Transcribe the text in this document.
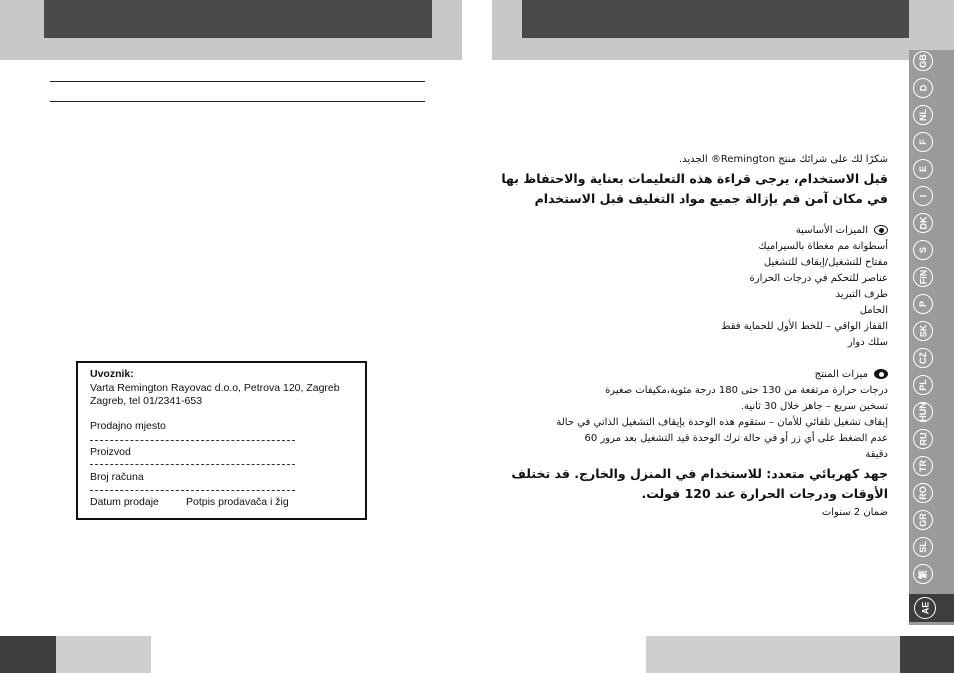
Uvoznik:
Varta Remington Rayovac d.o.o, Petrova 120, Zagreb
Zagreb, tel 01/2341-653
Prodajno mjesto
Proizvod
Broj računa
Datum prodaje	Potpis prodavača i žig
شكرًا لك على شرائك منتج Remington® الجديد.
قبل الاستخدام، يرجى قراءة هذه التعليمات بعناية والاحتفاظ بها
في مكان آمن قم بإزالة جميع مواد التغليف قبل الاستخدام
الميزات الأساسية
أسطوانة مم مغطاة بالسيراميك
مفتاح للتشغيل/إيقاف للتشغيل
عناصر للتحكم في درجات الحرارة
طرف التبريد
الحامل
القفاز الواقي – للخط الأول للحماية فقط
سلك دوار
ميزات المنتج
درجات حرارة مرتفعة من 130 حتى 180 درجة مئوية،مكيفات صغيرة
تسخين سريع – جاهز خلال 30 ثانية.
إيقاف تشغيل تلقائي للأمان – ستقوم هذه الوحدة بإيقاف التشغيل الذاتي في حالة
عدم الضغط على أي زر أو في حالة ترك الوحدة قيد التشغيل بعد مرور 60
دقيقة
جهد كهربائي متعدد: للاستخدام في المنزل والخارج. قد تختلف
الأوقات ودرجات الحرارة عند 120 فولت.
ضمان 2 سنوات
GB
D
NL
F
E
I
DK
S
FIN
P
SK
CZ
PL
HUN
RU
TR
RO
GR
SL
繁
AE
